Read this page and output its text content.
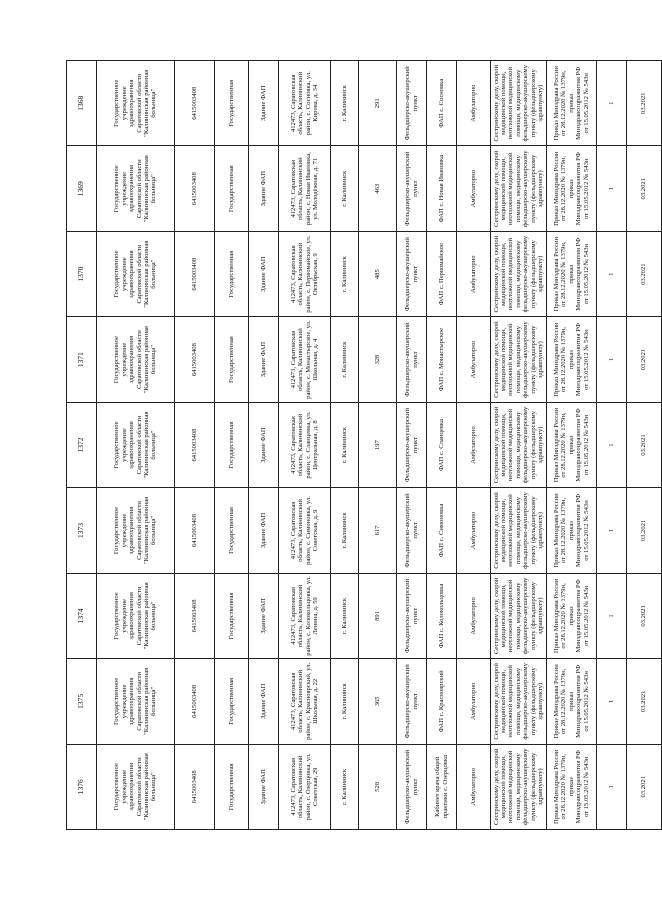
1376	1375	1374	1373	1372	1371	1370	1369	1368
Государственное учреждение здравоохранения Саратовской области "Калининская районная больница"	Государственное учреждение здравоохранения Саратовской области "Калининская районная больница"	Государственное учреждение здравоохранения Саратовской области "Калининская районная больница"	Государственное учреждение здравоохранения Саратовской области "Калининская районная больница"	Государственное учреждение здравоохранения Саратовской области "Калининская районная больница"	Государственное учреждение здравоохранения Саратовской области "Калининская районная больница"	Государственное учреждение здравоохранения Саратовской области "Калининская районная больница"	Государственное учреждение здравоохранения Саратовской области "Калининская районная больница"	Государственное учреждение здравоохранения Саратовской области "Калининская районная больница"
6415003408	6415003408	6415003408	6415003408	6415003408	6415003408	6415003408	6415003408	6415003408
Государственная	Государственная	Государственная	Государственная	Государственная	Государственная	Государственная	Государственная	Государственная
Здание ФАП	Здание ФАП	Здание ФАП	Здание ФАП	Здание ФАП	Здание ФАП	Здание ФАП	Здание ФАП	Здание ФАП
412473, Саратовская область, Калининский район, с. Озерцовка, ул. Советская, 29	412473, Саратовская область, Калининский район, с. Красноярский, ул. Школьная, д. 22	412473, Саратовская область, Калининский район, с. Колокольцовка, ул. Ленина, д. 59	412473, Саратовская область, Калининский район, с. Симоновка, ул. Советская, д. 9	412473, Саратовская область, Калининский район, с. Сланцевка, ул. Центральная, д. 8	412473, Саратовская область, Калининский район, с. Монастырское, ул. Школьная, д. 4	412473, Саратовская область, Калининский район, с. Первомайское, ул. Октябрьская, 9	412473, Саратовская область, Калининский район, с. Новая Ивановка, ул. Молодёжная, д. 71	412473, Саратовская область, Калининский район, с. Сосновка, ул. Кирова, д. 34
г. Калининск	г. Калининск	г. Калининск	г. Калининск	г. Калининск	г. Калининск	г. Калининск	г. Калининск	г. Калининск
528	365	891	617	197	328	485	463	291
Фельдшерско-акушерский пункт	Фельдшерско-акушерский пункт	Фельдшерско-акушерский пункт	Фельдшерско-акушерский пункт	Фельдшерско-акушерский пункт	Фельдшерско-акушерский пункт	Фельдшерско-акушерский пункт	Фельдшерско-акушерский пункт	Фельдшерско-акушерский пункт
Кабинет врача общей практики с. Озерцовка	ФАП с. Красноярский	ФАП с. Колокольцовка	ФАП с. Симоновка	ФАП с. Сланцевка	ФАП с. Монастырское	ФАП с. Первомайское	ФАП с. Новая Ивановка	ФАП с. Сосновка
Амбулаторно	Амбулаторно	Амбулаторно	Амбулаторно	Амбулаторно	Амбулаторно	Амбулаторно	Амбулаторно	Амбулаторно
Сестринскому делу, скорой медицинской помощи, неотложной медицинской помощи, медицинскому фельдшерско-акушерскому пункту (фельдшерскому здравпункту)	Сестринскому делу, скорой медицинской помощи, неотложной медицинской помощи, медицинскому фельдшерско-акушерскому пункту (фельдшерскому здравпункту)	Сестринскому делу, скорой медицинской помощи, неотложной медицинской помощи, медицинскому фельдшерско-акушерскому пункту (фельдшерскому здравпункту)	Сестринскому делу, скорой медицинской помощи, неотложной медицинской помощи, медицинскому фельдшерско-акушерскому пункту (фельдшерскому здравпункту)	Сестринскому делу, скорой медицинской помощи, неотложной медицинской помощи, медицинскому фельдшерско-акушерскому пункту (фельдшерскому здравпункту)	Сестринскому делу, скорой медицинской помощи, неотложной медицинской помощи, медицинскому фельдшерско-акушерскому пункту (фельдшерскому здравпункту)	Сестринскому делу, скорой медицинской помощи, неотложной медицинской помощи, медицинскому фельдшерско-акушерскому пункту (фельдшерскому здравпункту)	Сестринскому делу, скорой медицинской помощи, неотложной медицинской помощи, медицинскому фельдшерско-акушерскому пункту (фельдшерскому здравпункту)	Сестринскому делу, скорой медицинской помощи, неотложной медицинской помощи, медицинскому фельдшерско-акушерскому пункту (фельдшерскому здравпункту)
Приказ Минздрава России от 28.12.2020 № 1379н, приказ Минздравсоцразвития РФ от 15.05.2012 № 543н	Приказ Минздрава России от 28.12.2020 № 1379н, приказ Минздравсоцразвития РФ от 15.05.2012 № 543н	Приказ Минздрава России от 28.12.2020 № 1379н, приказ Минздравсоцразвития РФ от 15.05.2012 № 543н	Приказ Минздрава России от 28.12.2020 № 1379н, приказ Минздравсоцразвития РФ от 15.05.2012 № 543н	Приказ Минздрава России от 28.12.2020 № 1379н, приказ Минздравсоцразвития РФ от 15.05.2012 № 543н	Приказ Минздрава России от 28.12.2020 № 1379н, приказ Минздравсоцразвития РФ от 15.05.2012 № 543н	Приказ Минздрава России от 28.12.2020 № 1379н, приказ Минздравсоцразвития РФ от 15.05.2012 № 543н	Приказ Минздрава России от 28.12.2020 № 1379н, приказ Минздравсоцразвития РФ от 15.05.2012 № 543н	Приказ Минздрава России от 28.12.2020 № 1379н, приказ Минздравсоцразвития РФ от 15.05.2012 № 543н
1	1	1	1	1	1	1	1	1
03.2021	03.2021	03.2021	03.2021	03.2021	03.2021	03.2021	03.2021	03.2021
